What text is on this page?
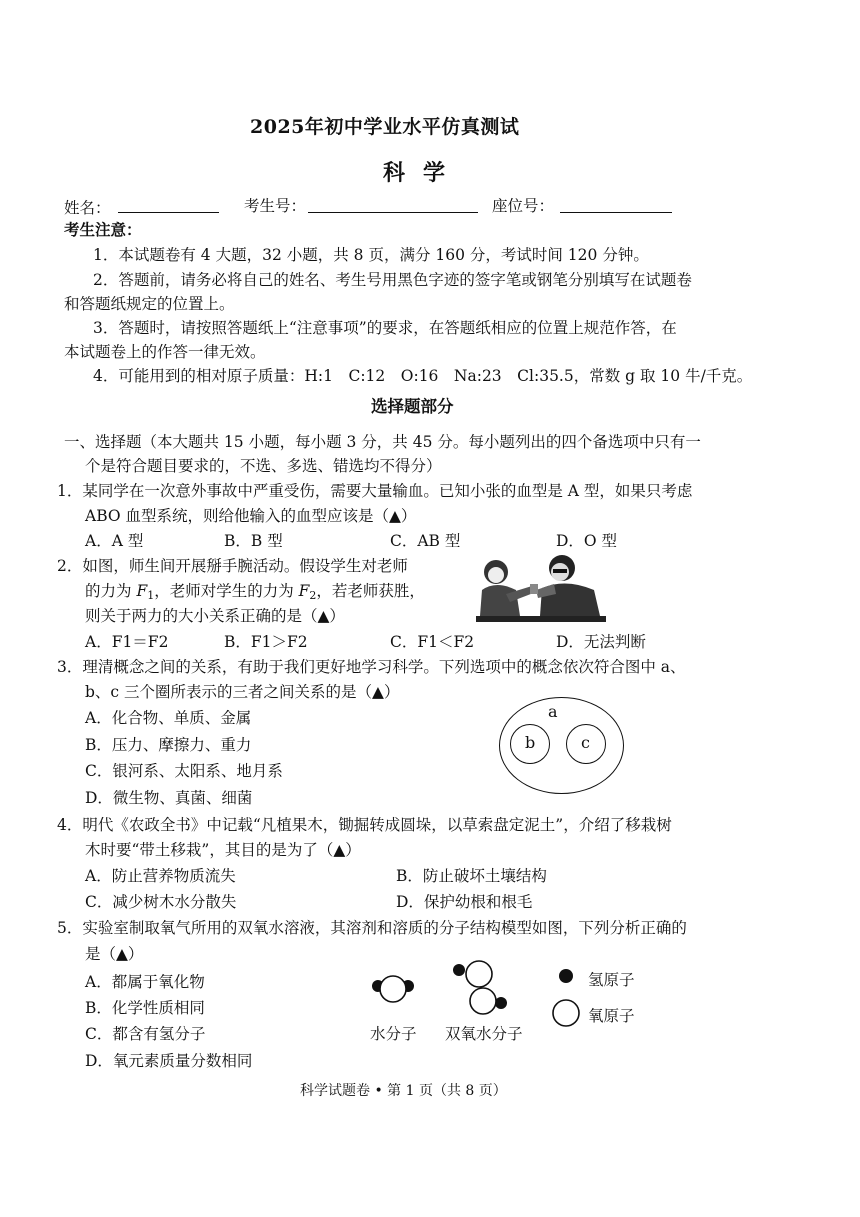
2025年初中学业水平仿真测试
科学
姓名：	考生号：	座位号：
考生注意：
1．本试题卷有 4 大题，32 小题，共 8 页，满分 160 分，考试时间 120 分钟。
2．答题前，请务必将自己的姓名、考生号用黑色字迹的签字笔或钢笔分别填写在试题卷
和答题纸规定的位置上。
3．答题时，请按照答题纸上“注意事项”的要求，在答题纸相应的位置上规范作答，在
本试题卷上的作答一律无效。
4．可能用到的相对原子质量：H:1　C:12　O:16　Na:23　Cl:35.5，常数 g 取 10 牛/千克。
选择题部分
一、选择题（本大题共 15 小题，每小题 3 分，共 45 分。每小题列出的四个备选项中只有一
个是符合题目要求的，不选、多选、错选均不得分）
1．某同学在一次意外事故中严重受伤，需要大量输血。已知小张的血型是 A 型，如果只考虑
ABO 血型系统，则给他输入的血型应该是（▲）
A．A 型	B．B 型	C．AB 型	D．O 型
2．如图，师生间开展掰手腕活动。假设学生对老师
的力为 $F_1$，老师对学生的力为 $F_2$，若老师获胜，
则关于两力的大小关系正确的是（▲）
A．F1＝F2	B．F1＞F2	C．F1＜F2	D．无法判断
3．理清概念之间的关系，有助于我们更好地学习科学。下列选项中的概念依次符合图中 a、
b、c 三个圈所表示的三者之间关系的是（▲）
A．化合物、单质、金属
B．压力、摩擦力、重力
C．银河系、太阳系、地月系
D．微生物、真菌、细菌
a
b	c
4．明代《农政全书》中记载“凡植果木，锄掘转成圆垛，以草索盘定泥土”，介绍了移栽树
木时要“带土移栽”，其目的是为了（▲）
A．防止营养物质流失	B．防止破坏土壤结构
C．减少树木水分散失	D．保护幼根和根毛
5．实验室制取氧气所用的双氧水溶液，其溶剂和溶质的分子结构模型如图，下列分析正确的
是（▲）
A．都属于氧化物
B．化学性质相同
C．都含有氢分子
D．氧元素质量分数相同
水分子 双氧水分子
氢原子
氧原子
科学试题卷 • 第 1 页（共 8 页）
